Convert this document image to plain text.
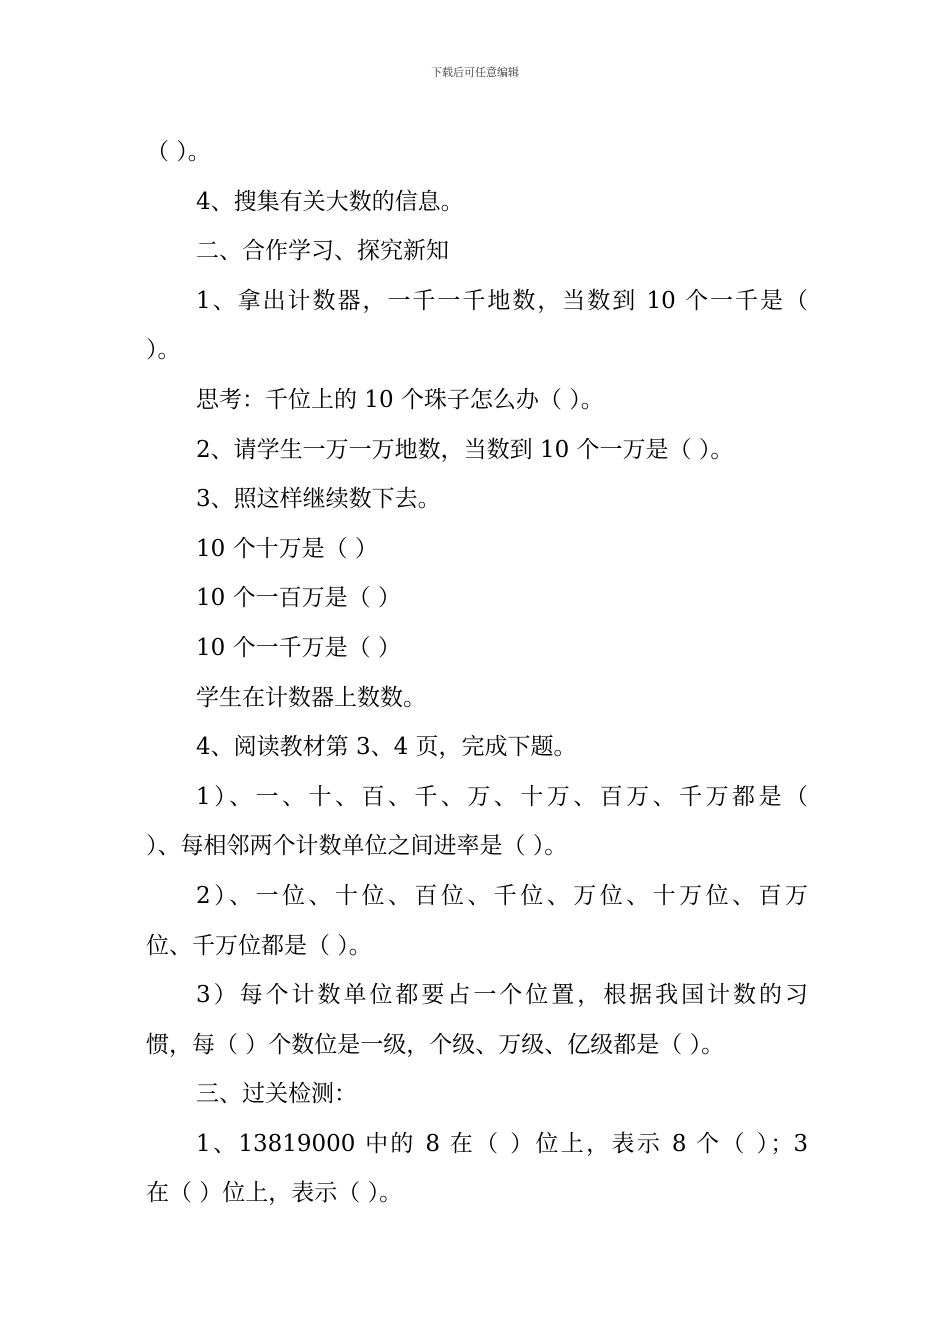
下载后可任意编辑
（ ）。
4、搜集有关大数的信息。
二、合作学习、探究新知
1、拿出计数器，一千一千地数，当数到 10 个一千是（
）。
思考：千位上的 10 个珠子怎么办（ ）。
2、请学生一万一万地数，当数到 10 个一万是（ ）。
3、照这样继续数下去。
10 个十万是（ ）
10 个一百万是（ ）
10 个一千万是（ ）
学生在计数器上数数。
4、阅读教材第 3、4 页，完成下题。
1）、一、十、百、千、万、十万、百万、千万都是（
）、每相邻两个计数单位之间进率是（ ）。
2）、一位、十位、百位、千位、万位、十万位、百万
位、千万位都是（ ）。
3）每个计数单位都要占一个位置，根据我国计数的习
惯，每（ ）个数位是一级，个级、万级、亿级都是（ ）。
三、过关检测：
1、13819000 中的 8 在（ ）位上，表示 8 个（ ）；3
在（ ）位上，表示（ ）。
